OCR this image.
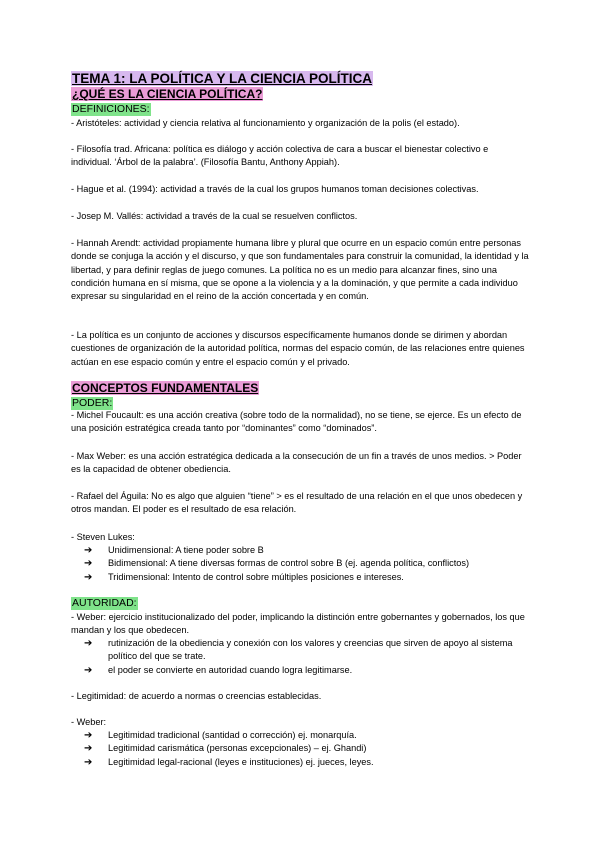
TEMA 1: LA POLÍTICA Y LA CIENCIA POLÍTICA
¿QUÉ ES LA CIENCIA POLÍTICA?
DEFINICIONES:

- Aristóteles: actividad y ciencia relativa al funcionamiento y organización de la polis (el estado).

- Filosofía trad. Africana: política es diálogo y acción colectiva de cara a buscar el bienestar colectivo e individual. ‘Árbol de la palabra’. (Filosofía Bantu, Anthony Appiah).

- Hague et al. (1994): actividad a través de la cual los grupos humanos toman decisiones colectivas.

- Josep M. Vallés: actividad a través de la cual se resuelven conflictos.

- Hannah Arendt: actividad propiamente humana libre y plural que ocurre en un espacio común entre personas donde se conjuga la acción y el discurso, y que son fundamentales para construir la comunidad, la identidad y la libertad, y para definir reglas de juego comunes. La política no es un medio para alcanzar fines, sino una condición humana en sí misma, que se opone a la violencia y a la dominación, y que permite a cada individuo expresar su singularidad en el reino de la acción concertada y en común.

- La política es un conjunto de acciones y discursos específicamente humanos donde se dirimen y abordan cuestiones de organización de la autoridad política, normas del espacio común, de las relaciones entre quienes actúan en ese espacio común y entre el espacio común y el privado.

CONCEPTOS FUNDAMENTALES
PODER:

- Michel Foucault: es una acción creativa (sobre todo de la normalidad), no se tiene, se ejerce. Es un efecto de una posición estratégica creada tanto por “dominantes” como “dominados”.

- Max Weber: es una acción estratégica dedicada a la consecución de un fin a través de unos medios. > Poder es la capacidad de obtener obediencia.

- Rafael del Águila: No es algo que alguien “tiene” > es el resultado de una relación en el que unos obedecen y otros mandan. El poder es el resultado de esa relación.

- Steven Lukes:

➔ Unidimensional: A tiene poder sobre B
➔ Bidimensional: A tiene diversas formas de control sobre B (ej. agenda política, conflictos)
➔ Tridimensional: Intento de control sobre múltiples posiciones e intereses.
AUTORIDAD:

- Weber: ejercicio institucionalizado del poder, implicando la distinción entre gobernantes y gobernados, los que mandan y los que obedecen.

➔ rutinización de la obediencia y conexión con los valores y creencias que sirven de apoyo al sistema político del que se trate.
➔ el poder se convierte en autoridad cuando logra legitimarse.

- Legitimidad: de acuerdo a normas o creencias establecidas.

- Weber:

➔ Legitimidad tradicional (santidad o corrección) ej. monarquía.
➔ Legitimidad carismática (personas excepcionales) – ej. Ghandi)
➔ Legitimidad legal-racional (leyes e instituciones) ej. jueces, leyes.
